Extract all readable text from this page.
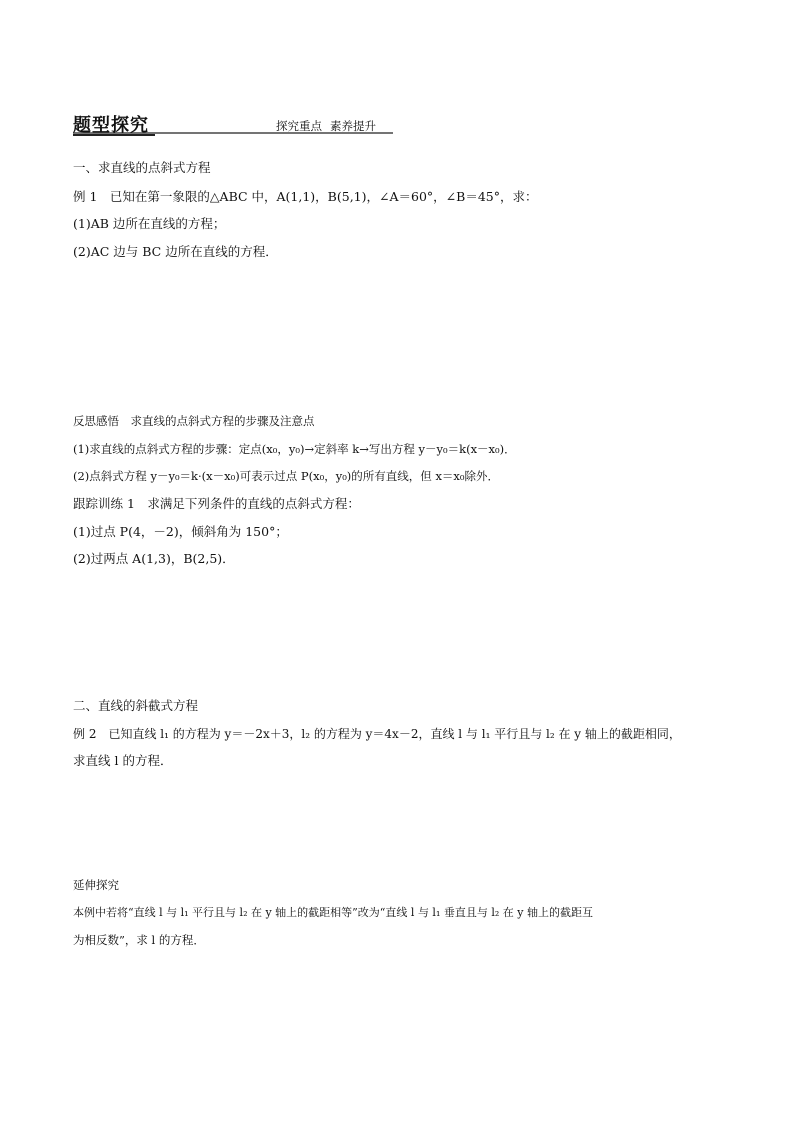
题型探究	探究重点 素养提升
一、求直线的点斜式方程
例 1　已知在第一象限的△ABC 中，A(1,1)，B(5,1)，∠A＝60°，∠B＝45°，求：
(1)AB 边所在直线的方程；
(2)AC 边与 BC 边所在直线的方程．
反思感悟　求直线的点斜式方程的步骤及注意点
(1)求直线的点斜式方程的步骤：定点(x₀，y₀)→定斜率 k→写出方程 y－y₀＝k(x－x₀)．
(2)点斜式方程 y－y₀＝k·(x－x₀)可表示过点 P(x₀，y₀)的所有直线，但 x＝x₀除外．
跟踪训练 1　求满足下列条件的直线的点斜式方程：
(1)过点 P(4，－2)，倾斜角为 150°；
(2)过两点 A(1,3)，B(2,5)．
二、直线的斜截式方程
例 2　已知直线 l₁ 的方程为 y＝－2x＋3，l₂ 的方程为 y＝4x－2，直线 l 与 l₁ 平行且与 l₂ 在 y 轴上的截距相同，
求直线 l 的方程．
延伸探究
本例中若将“直线 l 与 l₁ 平行且与 l₂ 在 y 轴上的截距相等”改为“直线 l 与 l₁ 垂直且与 l₂ 在 y 轴上的截距互
为相反数”，求 l 的方程．
